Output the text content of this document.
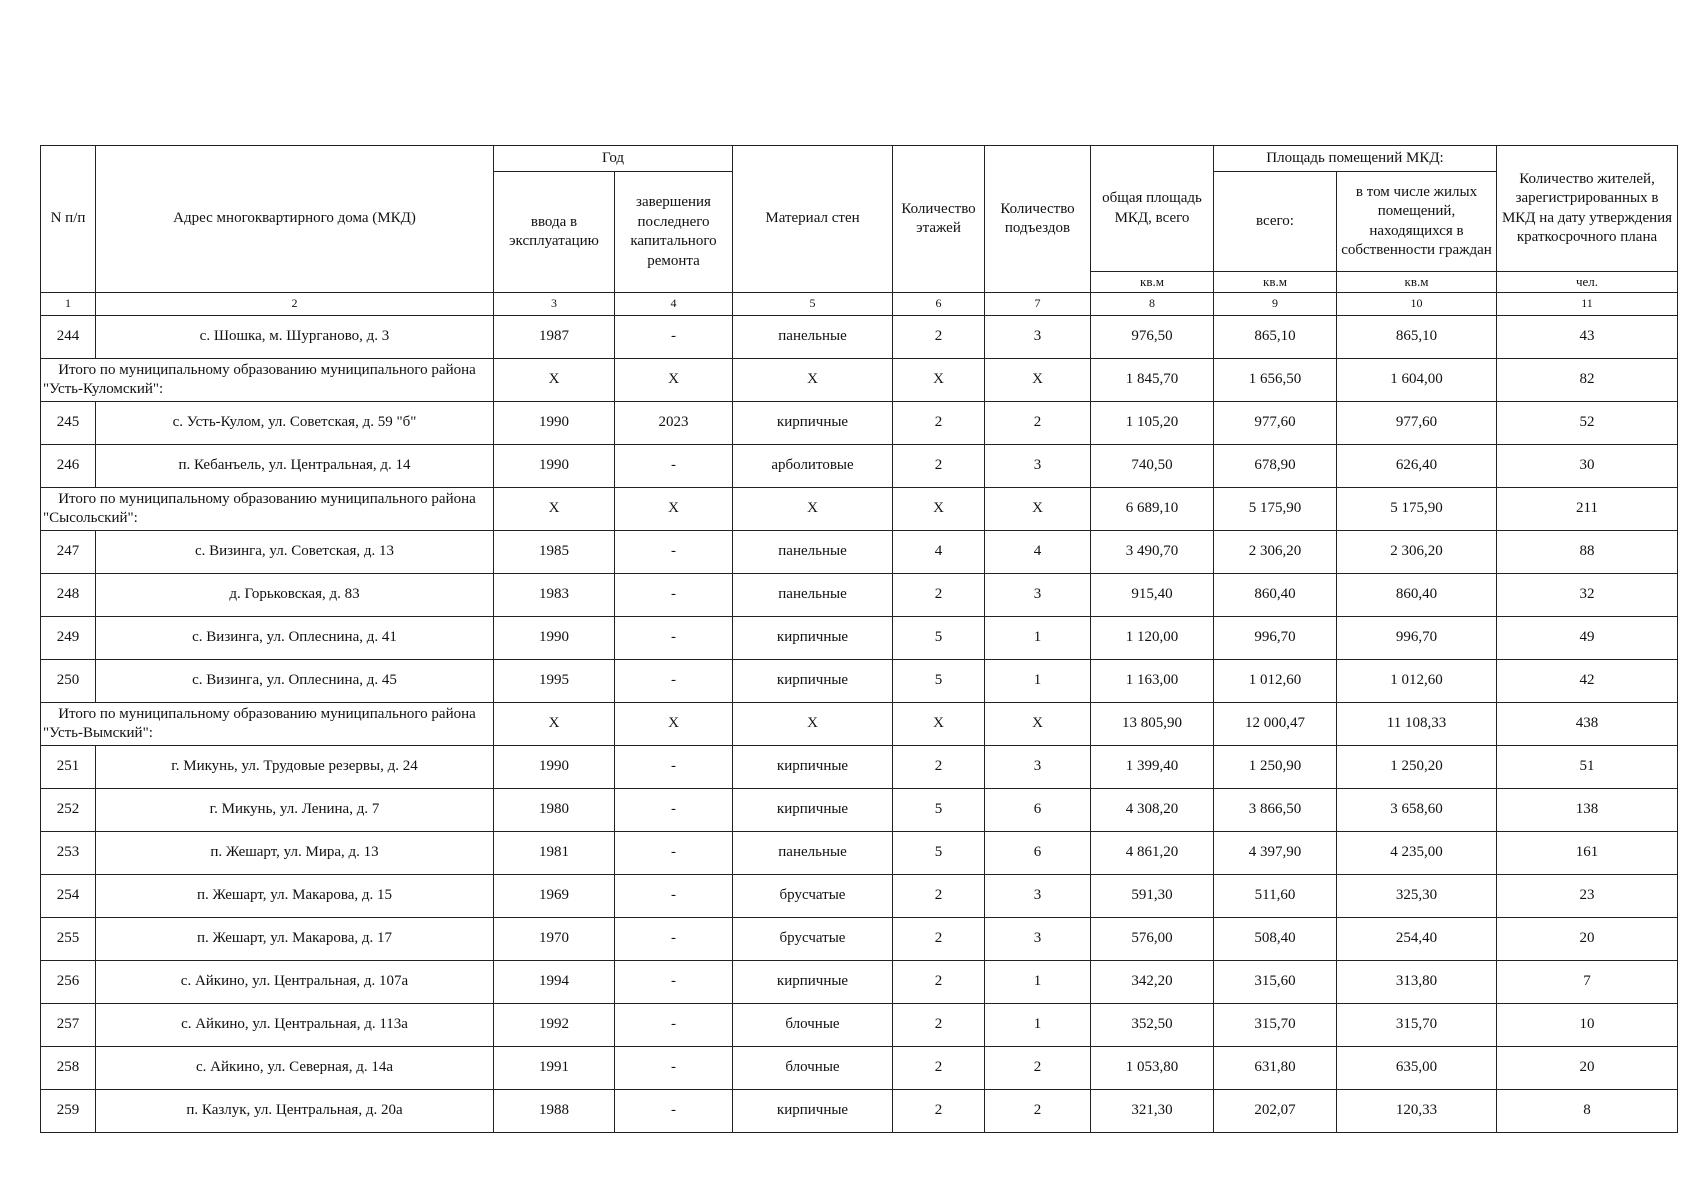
N п/п	Адрес многоквартирного дома (МКД)	Год		Материал стен	Количество этажей	Количество подъездов	общая площадь МКД, всего	Площадь помещений МКД:		Количество жителей, зарегистрированных в МКД на дату утверждения краткосрочного плана
		ввода в эксплуатацию	завершения последнего капитального ремонта					всего:	в том числе жилых помещений, находящихся в собственности граждан	
							кв.м	кв.м	кв.м	чел.
1	2	3	4	5	6	7	8	9	10	11
244	с. Шошка, м. Шурганово, д. 3	1987	-	панельные	2	3	976,50	865,10	865,10	43
Итого по муниципальному образованию муниципального района "Усть-Куломский":		X	X	X	X	X	1 845,70	1 656,50	1 604,00	82
245	с. Усть-Кулом, ул. Советская, д. 59 "б"	1990	2023	кирпичные	2	2	1 105,20	977,60	977,60	52
246	п. Кебанъель, ул. Центральная, д. 14	1990	-	арболитовые	2	3	740,50	678,90	626,40	30
Итого по муниципальному образованию муниципального района "Сысольский":		X	X	X	X	X	6 689,10	5 175,90	5 175,90	211
247	с. Визинга, ул. Советская, д. 13	1985	-	панельные	4	4	3 490,70	2 306,20	2 306,20	88
248	д. Горьковская, д. 83	1983	-	панельные	2	3	915,40	860,40	860,40	32
249	с. Визинга, ул. Оплеснина, д. 41	1990	-	кирпичные	5	1	1 120,00	996,70	996,70	49
250	с. Визинга, ул. Оплеснина, д. 45	1995	-	кирпичные	5	1	1 163,00	1 012,60	1 012,60	42
Итого по муниципальному образованию муниципального района "Усть-Вымский":		X	X	X	X	X	13 805,90	12 000,47	11 108,33	438
251	г. Микунь, ул. Трудовые резервы, д. 24	1990	-	кирпичные	2	3	1 399,40	1 250,90	1 250,20	51
252	г. Микунь, ул. Ленина, д. 7	1980	-	кирпичные	5	6	4 308,20	3 866,50	3 658,60	138
253	п. Жешарт, ул. Мира, д. 13	1981	-	панельные	5	6	4 861,20	4 397,90	4 235,00	161
254	п. Жешарт, ул. Макарова, д. 15	1969	-	брусчатые	2	3	591,30	511,60	325,30	23
255	п. Жешарт, ул. Макарова, д. 17	1970	-	брусчатые	2	3	576,00	508,40	254,40	20
256	с. Айкино, ул. Центральная, д. 107а	1994	-	кирпичные	2	1	342,20	315,60	313,80	7
257	с. Айкино, ул. Центральная, д. 113а	1992	-	блочные	2	1	352,50	315,70	315,70	10
258	с. Айкино, ул. Северная, д. 14а	1991	-	блочные	2	2	1 053,80	631,80	635,00	20
259	п. Казлук, ул. Центральная, д. 20а	1988	-	кирпичные	2	2	321,30	202,07	120,33	8
